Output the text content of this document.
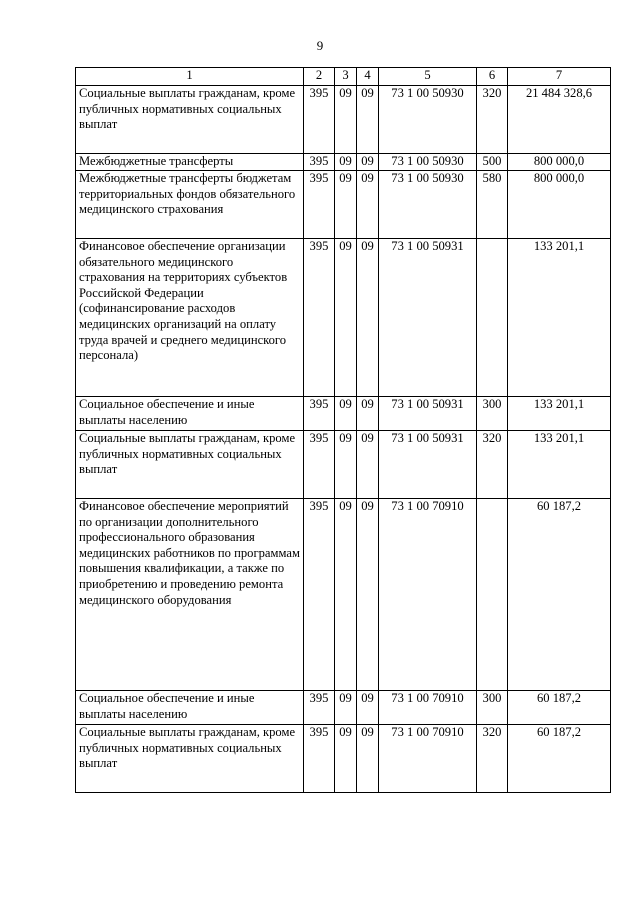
9
1	2	3	4	5	6	7
Социальные выплаты гражданам, кроме публичных нормативных социальных выплат	395	09	09	73 1 00 50930	320	21 484 328,6
Межбюджетные трансферты	395	09	09	73 1 00 50930	500	800 000,0
Межбюджетные трансферты бюджетам территориальных фондов обязательного медицинского страхования	395	09	09	73 1 00 50930	580	800 000,0
Финансовое обеспечение организации обязательного медицинского страхования на территориях субъектов Российской Федерации (софинансирование расходов медицинских организаций на оплату труда врачей и среднего медицинского персонала)	395	09	09	73 1 00 50931		133 201,1
Социальное обеспечение и иные выплаты населению	395	09	09	73 1 00 50931	300	133 201,1
Социальные выплаты гражданам, кроме публичных нормативных социальных выплат	395	09	09	73 1 00 50931	320	133 201,1
Финансовое обеспечение мероприятий по организации дополнительного профессионального образования медицинских работников по программам повышения квалификации, а также по приобретению и проведению ремонта медицинского оборудования	395	09	09	73 1 00 70910		60 187,2
Социальное обеспечение и иные выплаты населению	395	09	09	73 1 00 70910	300	60 187,2
Социальные выплаты гражданам, кроме публичных нормативных социальных выплат	395	09	09	73 1 00 70910	320	60 187,2
